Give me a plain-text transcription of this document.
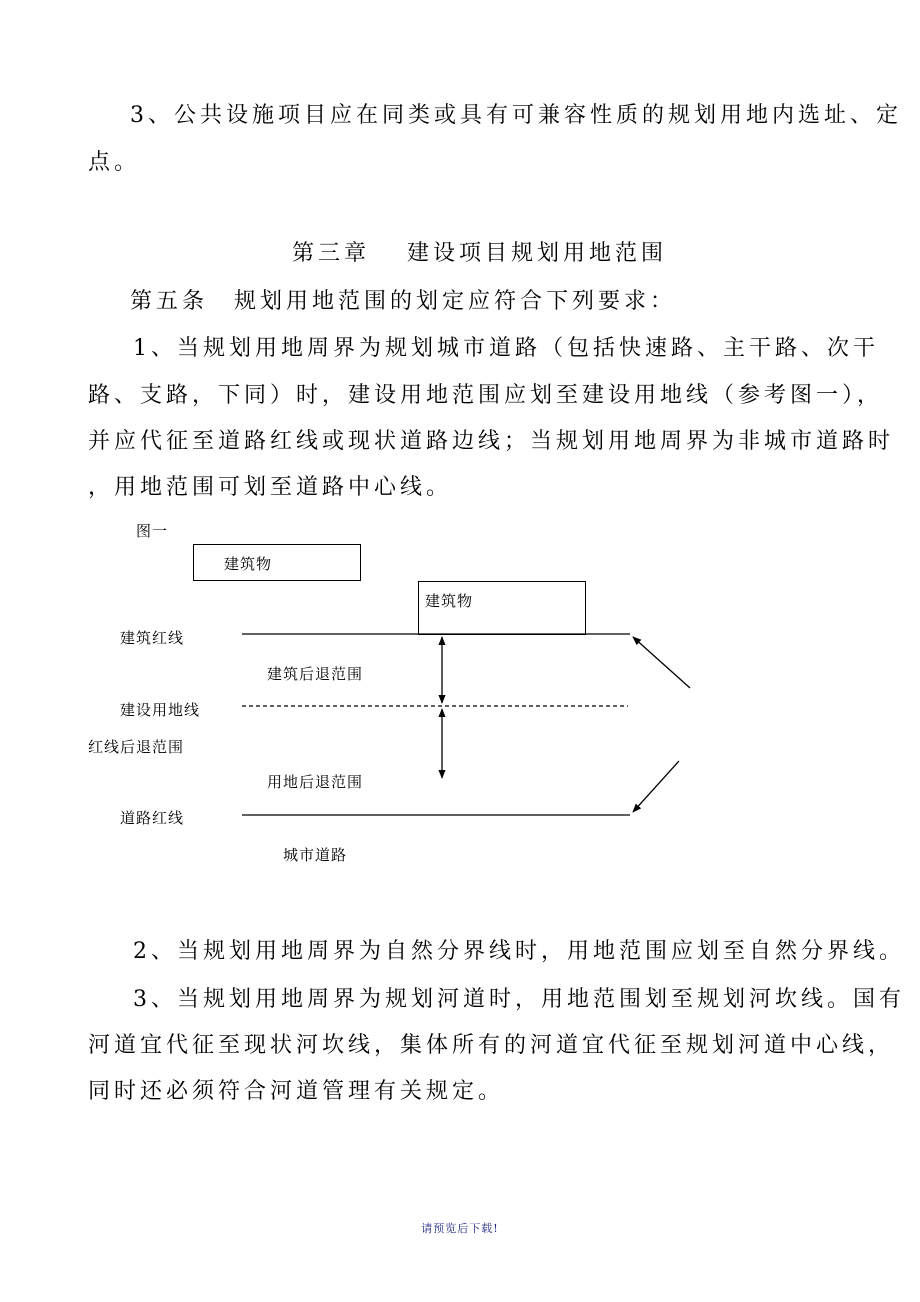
3、公共设施项目应在同类或具有可兼容性质的规划用地内选址、定
点。
第三章　 建设项目规划用地范围
第五条　规划用地范围的划定应符合下列要求：
1、当规划用地周界为规划城市道路（包括快速路、主干路、次干
路、支路，下同）时，建设用地范围应划至建设用地线（参考图一），
并应代征至道路红线或现状道路边线；当规划用地周界为非城市道路时
，用地范围可划至道路中心线。
图一
建筑物
建筑物
建筑红线
建筑后退范围
建设用地线
红线后退范围
用地后退范围
道路红线
城市道路
2、当规划用地周界为自然分界线时，用地范围应划至自然分界线。
3、当规划用地周界为规划河道时，用地范围划至规划河坎线。国有
河道宜代征至现状河坎线，集体所有的河道宜代征至规划河道中心线，
同时还必须符合河道管理有关规定。
请预览后下载!
